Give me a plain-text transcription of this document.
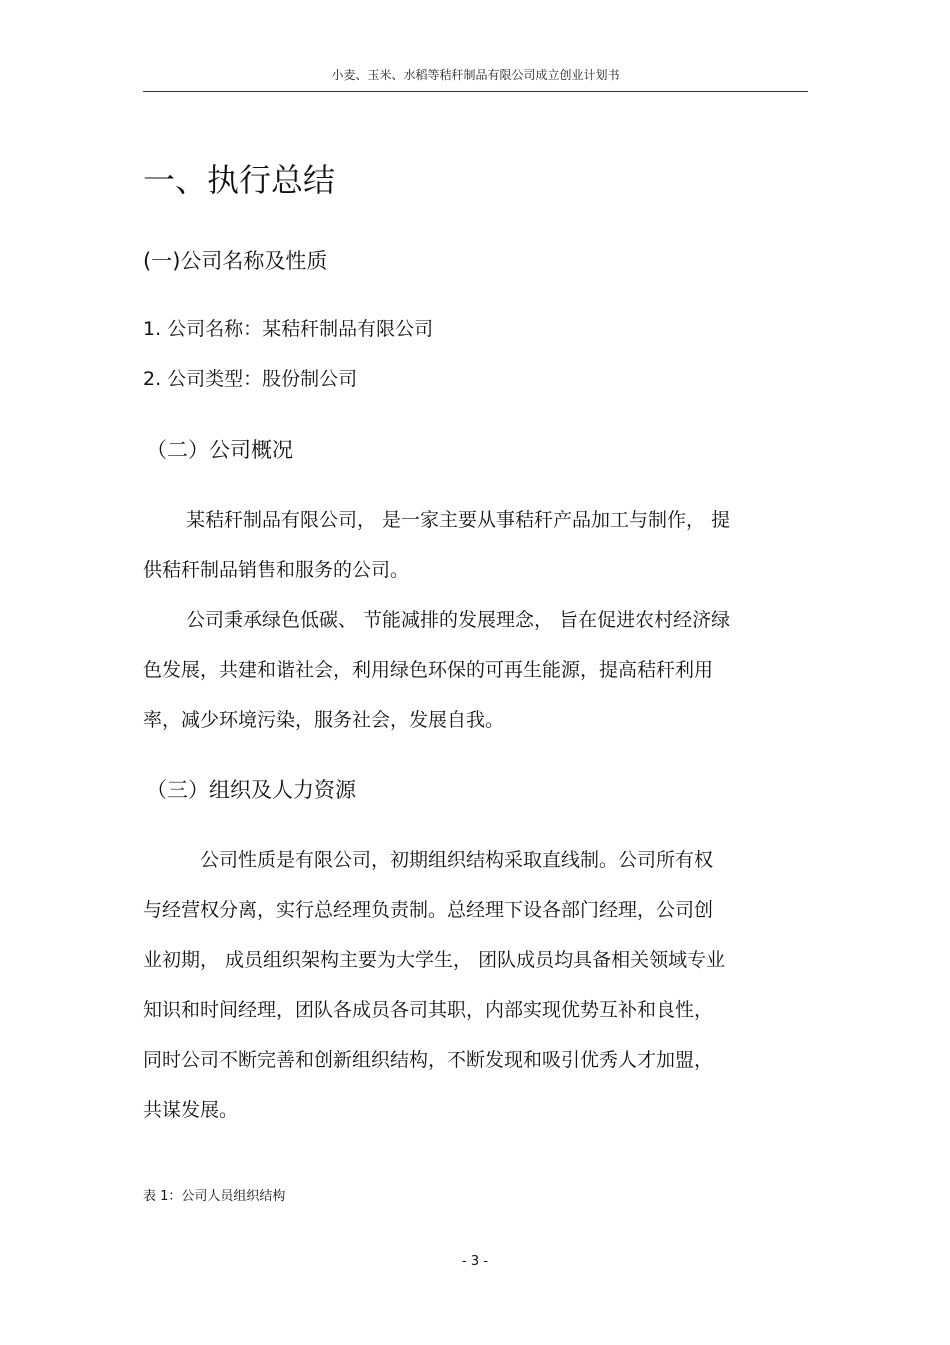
小麦、玉米、水稻等秸秆制品有限公司成立创业计划书
一、执行总结
(一)公司名称及性质
1. 公司名称：某秸秆制品有限公司
2. 公司类型：股份制公司
（二）公司概况
某秸秆制品有限公司， 是一家主要从事秸秆产品加工与制作， 提
供秸秆制品销售和服务的公司。
公司秉承绿色低碳、 节能减排的发展理念， 旨在促进农村经济绿
色发展，共建和谐社会，利用绿色环保的可再生能源，提高秸秆利用
率，减少环境污染，服务社会，发展自我。
（三）组织及人力资源
公司性质是有限公司，初期组织结构采取直线制。公司所有权
与经营权分离，实行总经理负责制。总经理下设各部门经理，公司创
业初期， 成员组织架构主要为大学生， 团队成员均具备相关领域专业
知识和时间经理，团队各成员各司其职，内部实现优势互补和良性，
同时公司不断完善和创新组织结构，不断发现和吸引优秀人才加盟，
共谋发展。
表 1：公司人员组织结构
- 3 -
